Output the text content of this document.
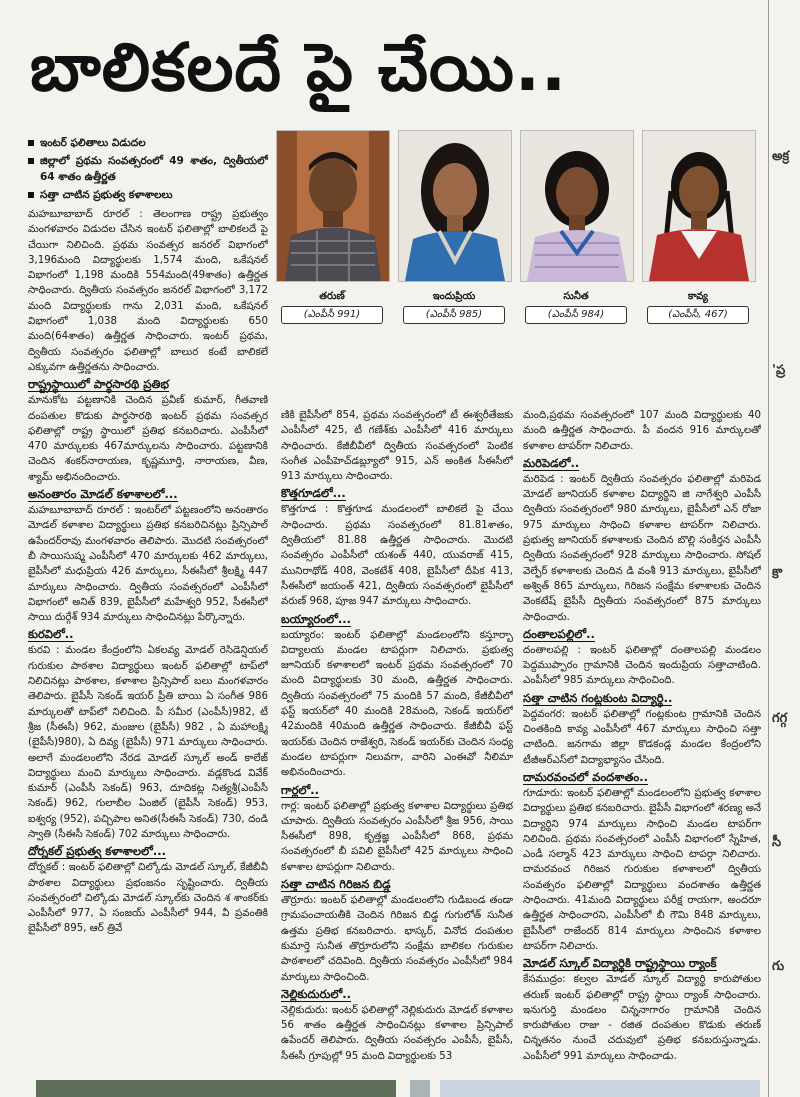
బాలికలదే పై చేయి..
తరుణ్
(ఎంపీసీ 991)
ఇందుప్రియ
(ఎంపీసీ 985)
సునీత
(ఎంపీసీ 984)
కావ్య
(ఎంపీసీ, 467)
ఇంటర్ ఫలితాలు విడుదల
జిల్లాలో ప్రథమ సంవత్సరంలో 49 శాతం, ద్వితీయలో 64 శాతం ఉత్తీర్ణత
సత్తా చాటిన ప్రభుత్వ కళాశాలలు

మహబూబాబాద్ రూరల్ : తెలంగాణ రాష్ట్ర ప్రభుత్వం మంగళవారం విడుదల చేసిన ఇంటర్ ఫలితాల్లో బాలికలదే పై చేయిగా నిలిచింది. ప్రథమ సంవత్సర జనరల్ విభాగంలో 3,196మంది విద్యార్థులకు 1,574 మంది, ఒకేషనల్ విభాగంలో 1,198 మందికి 554మంది(49శాతం) ఉత్తీర్ణత సాధించారు. ద్వితీయ సంవత్సరం జనరల్ విభాగంలో 3,172 మంది విద్యార్థులకు గాను 2,031 మంది, ఒకేషనల్ విభాగంలో 1,038 మంది విద్యార్థులకు 650 మంది(64శాతం) ఉత్తీర్ణత సాధించారు. ఇంటర్ ప్రథమ, ద్వితీయ సంవత్సరం ఫలితాల్లో బాలుర కంటే బాలికలే ఎక్కువగా ఉత్తీర్ణతను సాధించారు.

రాష్ట్రస్థాయిలో పార్థసారథి ప్రతిభ

మానుకోట పట్టణానికి చెందిన ప్రవీణ్ కుమార్, గీతవాణి దంపతుల కొడుకు పార్థసారథి ఇంటర్ ప్రథమ సంవత్సర ఫలితాల్లో రాష్ట్ర స్థాయిలో ప్రతిభ కనబరిచారు. ఎంపీసీలో 470 మార్కులకు 467మార్కులను సాధించారు. పట్టణానికి చెందిన శంకర్‌నారాయణ, కృష్ణమూర్తి, నారాయణ, వీణ, శ్యామ్ అభినందించారు.

అనంతారం మోడల్ కళాశాలలో...

మహబూబాబాద్ రూరల్ : ఇంటర్‌లో పట్టణంలోని అనంతారం మోడల్ కళాశాల విద్యార్థులు ప్రతిభ కనబరిచినట్లు ప్రిన్సిపాల్ ఉపేందర్‌రావు మంగళవారం తెలిపారు. మొదటి సంవత్సరంలో బీ సాయిసుష్మ ఎంపీసీలో 470 మార్కులకు 462 మార్కులు, బైపీసీలో మధుప్రియ 426 మార్కులు, సీఈసీలో శ్రీలక్ష్మి 447 మార్కులు సాధించారు. ద్వితీయ సంవత్సరంలో ఎంపీసీలో విభాగంలో అనిత్ 839, బైపీసీలో మహేశ్వరి 952, సీఈసీలో సాయి దుర్గేశ్ 934 మార్కులు సాధించినట్లు పేర్కొన్నారు.

కురవిలో..

కురవి : మండల కేంద్రంలోని ఏకలవ్య మోడల్ రెసిడెన్షియల్ గురుకుల పాఠశాల విద్యార్థులు ఇంటర్ ఫలితాల్లో టాప్‌లో నిలిచినట్లు పాఠశాల, కళాశాల ప్రిన్సిపాల్ బలు మంగళవారం తెలిపారు. బైపీసీ సెకండ్ ఇయర్ ప్రీతి బాయి ఏ సంగీత 986 మార్కులతో టాప్‌లో నిలిచింది. పీ సమీర (ఎంపీసీ)982, టీ శ్రీజ (సీఈసీ) 962, మంజుల (బైపీసీ) 982 , ఏ మహాలక్ష్మి (బైపీసీ)980), ఏ దివ్య (బైపీసీ) 971 మార్కులు సాధించారు. అలాగే మండలంలోని నేరడ మోడల్ స్కూల్ అండ్ కాలేజ్ విద్యార్థులు మంచి మార్కులు సాధించారు. వడ్లకొండ వివేక్ కుమార్ (ఎంపీసీ సెకండ్) 963, దూదికట్ల నిత్యశ్రీ(ఎంపీసీ సెకండ్) 962, గులాబీల ఏంజిల్ (బైపీసీ సెకండ్) 953, ఐశ్వర్య (952), పచ్చిపాల అనిత(సీఈసీ సెకండ్) 730, దండి స్వాతి (సీఈసీ సెకండ్) 702 మార్కులు సాధించారు.

దోర్నకల్ ప్రభుత్వ కళాశాలలో...

దోర్నకల్ : ఇంటర్ ఫలితాల్లో చిల్కోడు మోడల్ స్కూల్, కేజీబీవీ పాఠశాల విద్యార్థులు ప్రభంజనం సృష్టించారు. ద్వితీయ సంవత్సరంలో చిల్కోడు మోడల్ స్కూల్‌కు చెందిన శ శాంకర్‌కు ఎంపీసీలో 977, ఏ సంజయ్ ఎంపీసీలో 944, వీ ప్రవంతికి బైపీసీలో 895, ఆర్ త్రివే

ణికి బైపీసీలో 854, ప్రథమ సంవత్సరంలో టీ ఈశ్వరీతేజకు ఎంపీసీలో 425, టీ గణేశ్‌కు ఎంపీసీలో 416 మార్కులు సాధించారు. కేజీబీవీలో ద్వితీయ సంవత్సరంలో పెంటిక సంగీత ఎంపీహెచ్‌డబ్ల్యూలో 915, ఎన్ అంకిత సీఈసీలో 913 మార్కులు సాధించారు.

కొత్తగూడలో...

కొత్తగూడ : కొత్తగూడ మండలంలో బాలికలే పై చేయి సాధించారు. ప్రథమ సంవత్సరంలో 81.81శాతం, ద్వితీయలో 81.88 ఉత్తీర్ణత సాధించారు. మొదటి సంవత్సరం ఎంపీసీలో యశంత్ 440, యువరాజ్ 415, మునిరాథోడ్ 408, వెంకటేశ్ 408, బైపీసీలో దీపిక 413, సీఈసీలో జయంత్ 421, ద్వితీయ సంవత్సరంలో బైపీసీలో వరుణ్ 968, పూజ 947 మార్కులు సాధించారు.

బయ్యారంలో...

బయ్యారం: ఇంటర్ ఫలితాల్లో మండలంలోని కస్తూర్బా విద్యాలయ మండల టాపర్లుగా నిలిచారు. ప్రభుత్వ జూనియర్ కళాశాలలో ఇంటర్ ప్రథమ సంవత్సరంలో 70 మంది విద్యార్థులకు 30 మంది, ఉత్తీర్ణత సాధించారు. ద్వితీయ సంవత్సరంలో 75 మందికి 57 మంది, కేజీబీవీలో ఫస్ట్ ఇయర్‌లో 40 మందికి 28మంది, సెకండ్ ఇయర్‌లో 42మందికి 40మంది ఉత్తీర్ణత సాధించారు. కేజీబీవీ ఫస్ట్ ఇయర్‌కు చెందిన రాజేశ్వరి, సెకండ్ ఇయర్‌కు చెందిన సంధ్య మండల టాపర్లుగా నిలువగా, వారిని ఎంఈవో నీలిమా అభినందించారు.

గార్లలో..

గార్ల: ఇంటర్ ఫలితాల్లో ప్రభుత్వ కళాశాల విద్యార్థులు ప్రతిభ చూపారు. ద్వితీయ సంవత్సరం ఎంపీసీలో శ్రీజ 956, సాయి సీఈసీలో 898, కృత్తజ్ఞ ఎంపీసీలో 868, ప్రథమ సంవత్సరంలో బీ పవిలి బైపీసీలో 425 మార్కులు సాధించి కళాశాల టాపర్లుగా నిలిచారు.

సత్తా చాటిన గిరిజన బిడ్డ

తొర్రూరు: ఇంటర్ ఫలితాల్లో మండలంలోని గుడిబండ తండా గ్రామపంచాయతీకి చెందిన గిరిజన బిడ్డ గుగులోత్ సునీత ఉత్తమ ప్రతిభ కనబరిచారు. భాస్కర్, వినోద దంపతుల కుమార్తె సునీత తొర్రూరులోని సంక్షేమ బాలికల గురుకుల పాఠశాలలో చదివింది. ద్వితీయ సంవత్సరం ఎంపీసీలో 984 మార్కులు సాధించింది.

నెల్లికుదురులో..

నెల్లికుదురు: ఇంటర్ ఫలితాల్లో నెల్లికుదురు మోడల్ కళాశాల 56 శాతం ఉత్తీర్ణత సాధించినట్లు కళాశాల ప్రిన్సిపాల్ ఉపేందర్ తెలిపారు. ద్వితీయ సంవత్సరం ఎంపీసీ, బైపీసీ, సీఈసీ గ్రూపుల్లో 95 మంది విద్యార్థులకు 53

మంది,ప్రథమ సంవత్సరంలో 107 మంది విద్యార్థులకు 40 మంది ఉత్తీర్ణత సాధించారు. పీ వందన 916 మార్కులతో కళాశాల టాపర్‌గా నిలిచారు.

మరిపెడలో..

మరిపెడ : ఇంటర్ ద్వితీయ సంవత్సరం ఫలితాల్లో మరిపెడ మోడల్ జూనియర్ కళాశాల విద్యార్థిని జి నాగేశ్వరి ఎంపీసీ ద్వితీయ సంవత్సరంలో 980 మార్కులు, బైపీసీలో ఎన్ రోజా 975 మార్కులు సాధించి కళాశాల టాపర్‌గా నిలిచారు. ప్రభుత్వ జూనియర్ కళాశాలకు చెందిన బొల్లి సంకీర్తన ఎంపీసీ ద్వితీయ సంవత్సరంలో 928 మార్కులు సాధించారు. సోషల్ వెల్ఫేర్ కళాశాలకు చెందిన డి వంశీ 913 మార్కులు, బైపీసీలో అశ్విత్ 865 మార్కులు, గిరిజన సంక్షేమ కళాశాలకు చెందిన వెంకటేష్ బైపీసీ ద్వితీయ సంవత్సరంలో 875 మార్కులు సాధించారు.

దంతాలపల్లిలో..

దంతాలపల్లి : ఇంటర్ ఫలితాల్లో దంతాలపల్లి మండలం పెద్దముప్పారం గ్రామానికి చెందిన ఇందుప్రియ సత్తాచాటింది. ఎంపీసీలో 985 మార్కులు సాధించింది.

సత్తా చాటిన గంట్లకుంట విద్యార్థి..

పెద్దవంగర: ఇంటర్ ఫలితాల్లో గంట్లకుంట గ్రామానికి చెందిన చింతకింది కావ్య ఎంపీసీలో 467 మార్కులు సాధించి సత్తా చాటింది. జనగామ జిల్లా కొడకండ్ల మండల కేంద్రంలోని టీజీఆర్ఎస్‌లో విద్యాభ్యాసం చేసింది.

దామరవంచలో వందశాతం..

గూడూరు: ఇంటర్ ఫలితాల్లో మండలంలోని ప్రభుత్వ కళాశాల విద్యార్థులు ప్రతిభ కనబరిచారు. బైపీసీ విభాగంలో శరణ్య అనే విద్యార్థిని 974 మార్కులు సాధించి మండల టాపర్‌గా నిలిచింది. ప్రథమ సంవత్సరంలో ఎంపీసీ విభాగంలో స్నేహిత, ఎండీ సల్మాన్ 423 మార్కులు సాధించి టాపర్గా నిలిచారు. దామరవంచ గిరిజన గురుకుల కళాశాలలో ద్వితీయ సంవత్సరం ఫలితాల్లో విద్యార్థులు వందశాతం ఉత్తీర్ణత సాధించారు. 41మంది విద్యార్థులు పరీక్ష రాయగా, అందరూ ఉత్తీర్ణత సాధించారని, ఎంపీసీలో బీ గౌమి 848 మార్కులు, బైపీసీలో రాజేందర్ 814 మార్కులు సాధించిన కళాశాల టాపర్‌గా నిలిచారు.

మోడల్ స్కూల్ విద్యార్థికి రాష్ట్రస్థాయి ర్యాంక్

కేసముద్రం: కల్వల మోడల్ స్కూల్ విద్యార్థి కారుపోతుల తరుణ్ ఇంటర్ ఫలితాల్లో రాష్ట్ర స్థాయి ర్యాంక్ సాధించారు. ఇనుగుర్తి మండలం చిన్ననాగారం గ్రామానికి చెందిన కారుపోతుల రాజు - రజిత దంపతుల కొడుకు తరుణ్ చిన్నతనం నుంచే చదువులో ప్రతిభ కనబరుస్తున్నాడు. ఎంపీసీలో 991 మార్కులు సాధించాడు.

అక్ర
'ప్ర
కొ
గగ్గ
సీ
గు
